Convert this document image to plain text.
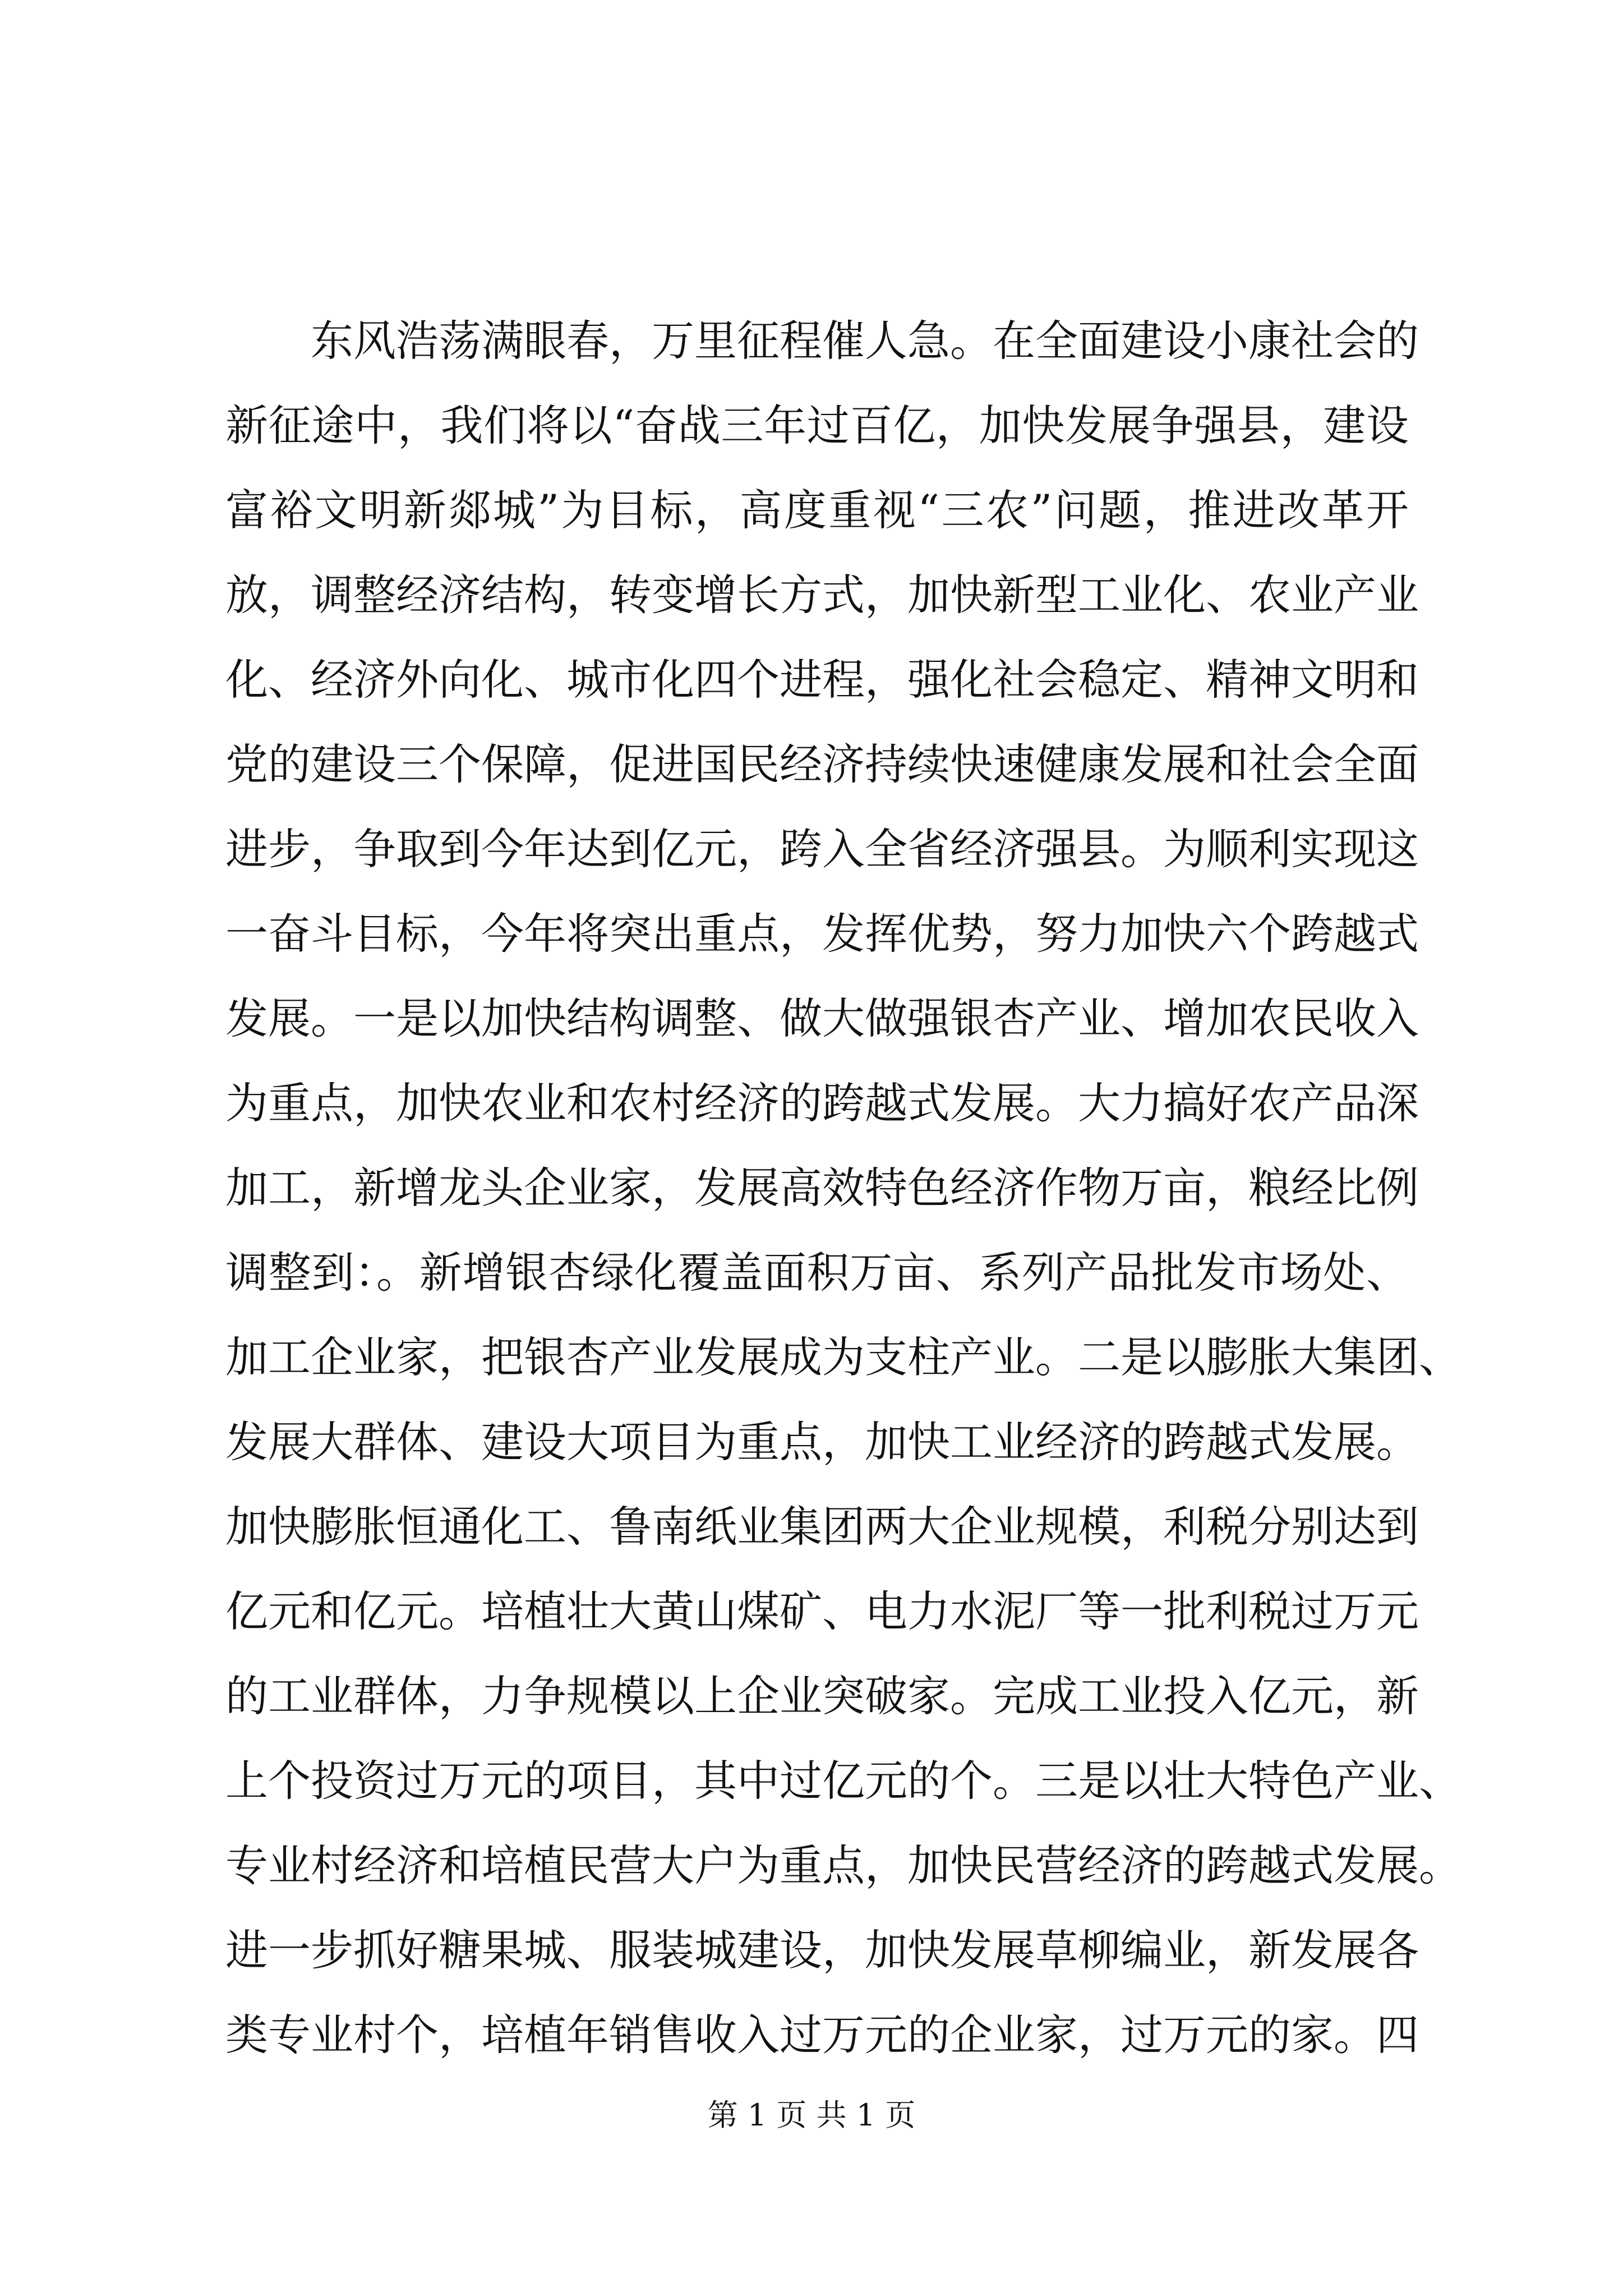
东风浩荡满眼春，万里征程催人急。在全面建设小康社会的
新征途中，我们将以“奋战三年过百亿，加快发展争强县，建设
富裕文明新郯城”为目标，高度重视“三农”问题，推进改革开
放，调整经济结构，转变增长方式，加快新型工业化、农业产业
化、经济外向化、城市化四个进程，强化社会稳定、精神文明和
党的建设三个保障，促进国民经济持续快速健康发展和社会全面
进步，争取到今年达到亿元，跨入全省经济强县。为顺利实现这
一奋斗目标，今年将突出重点，发挥优势，努力加快六个跨越式
发展。一是以加快结构调整、做大做强银杏产业、增加农民收入
为重点，加快农业和农村经济的跨越式发展。大力搞好农产品深
加工，新增龙头企业家，发展高效特色经济作物万亩，粮经比例
调整到：。新增银杏绿化覆盖面积万亩、系列产品批发市场处、
加工企业家，把银杏产业发展成为支柱产业。二是以膨胀大集团、
发展大群体、建设大项目为重点，加快工业经济的跨越式发展。
加快膨胀恒通化工、鲁南纸业集团两大企业规模，利税分别达到
亿元和亿元。培植壮大黄山煤矿、电力水泥厂等一批利税过万元
的工业群体，力争规模以上企业突破家。完成工业投入亿元，新
上个投资过万元的项目，其中过亿元的个。三是以壮大特色产业、
专业村经济和培植民营大户为重点，加快民营经济的跨越式发展。
进一步抓好糖果城、服装城建设，加快发展草柳编业，新发展各
类专业村个，培植年销售收入过万元的企业家，过万元的家。四
第 1 页 共 1 页
